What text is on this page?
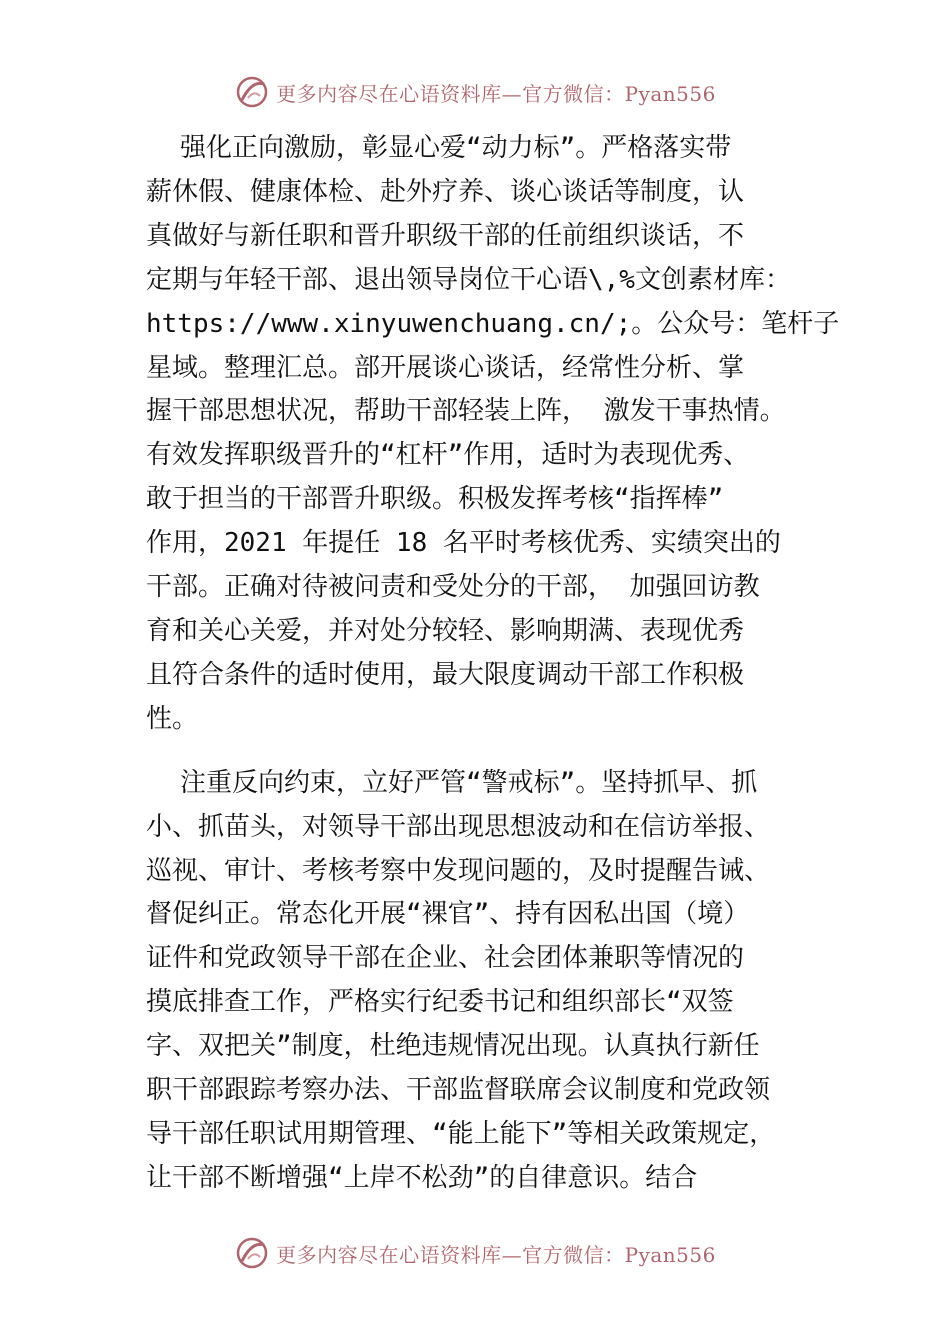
更多内容尽在心语资料库—官方微信：Pyan556

强化正向激励，彰显心爱“动力标”。严格落实带
薪休假、健康体检、赴外疗养、谈心谈话等制度，认
真做好与新任职和晋升职级干部的任前组织谈话，不
定期与年轻干部、退出领导岗位干心语\,%文创素材库：
https://www.xinyuwenchuang.cn/;。公众号：笔杆子
星域。整理汇总。部开展谈心谈话，经常性分析、掌
握干部思想状况，帮助干部轻装上阵， 激发干事热情。
有效发挥职级晋升的“杠杆”作用，适时为表现优秀、
敢于担当的干部晋升职级。积极发挥考核“指挥棒”
作用，2021 年提任 18 名平时考核优秀、实绩突出的
干部。正确对待被问责和受处分的干部， 加强回访教
育和关心关爱，并对处分较轻、影响期满、表现优秀
且符合条件的适时使用，最大限度调动干部工作积极
性。

注重反向约束，立好严管“警戒标”。坚持抓早、抓
小、抓苗头，对领导干部出现思想波动和在信访举报、
巡视、审计、考核考察中发现问题的，及时提醒告诫、
督促纠正。常态化开展“裸官”、持有因私出国（境）
证件和党政领导干部在企业、社会团体兼职等情况的
摸底排查工作，严格实行纪委书记和组织部长“双签
字、双把关”制度，杜绝违规情况出现。认真执行新任
职干部跟踪考察办法、干部监督联席会议制度和党政领
导干部任职试用期管理、“能上能下”等相关政策规定，
让干部不断增强“上岸不松劲”的自律意识。结合

更多内容尽在心语资料库—官方微信：Pyan556
